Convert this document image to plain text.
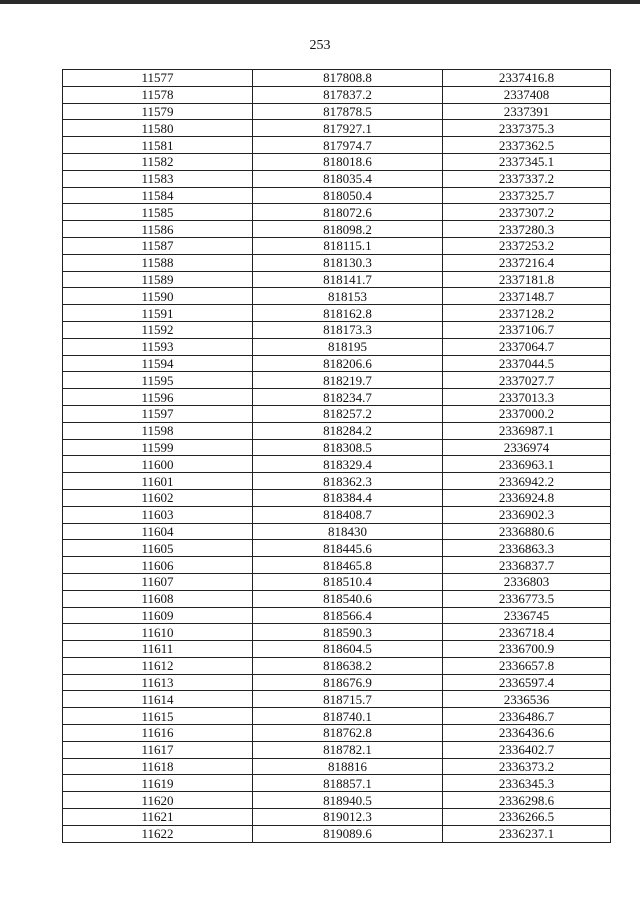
253
11577	817808.8	2337416.8
11578	817837.2	2337408
11579	817878.5	2337391
11580	817927.1	2337375.3
11581	817974.7	2337362.5
11582	818018.6	2337345.1
11583	818035.4	2337337.2
11584	818050.4	2337325.7
11585	818072.6	2337307.2
11586	818098.2	2337280.3
11587	818115.1	2337253.2
11588	818130.3	2337216.4
11589	818141.7	2337181.8
11590	818153	2337148.7
11591	818162.8	2337128.2
11592	818173.3	2337106.7
11593	818195	2337064.7
11594	818206.6	2337044.5
11595	818219.7	2337027.7
11596	818234.7	2337013.3
11597	818257.2	2337000.2
11598	818284.2	2336987.1
11599	818308.5	2336974
11600	818329.4	2336963.1
11601	818362.3	2336942.2
11602	818384.4	2336924.8
11603	818408.7	2336902.3
11604	818430	2336880.6
11605	818445.6	2336863.3
11606	818465.8	2336837.7
11607	818510.4	2336803
11608	818540.6	2336773.5
11609	818566.4	2336745
11610	818590.3	2336718.4
11611	818604.5	2336700.9
11612	818638.2	2336657.8
11613	818676.9	2336597.4
11614	818715.7	2336536
11615	818740.1	2336486.7
11616	818762.8	2336436.6
11617	818782.1	2336402.7
11618	818816	2336373.2
11619	818857.1	2336345.3
11620	818940.5	2336298.6
11621	819012.3	2336266.5
11622	819089.6	2336237.1
